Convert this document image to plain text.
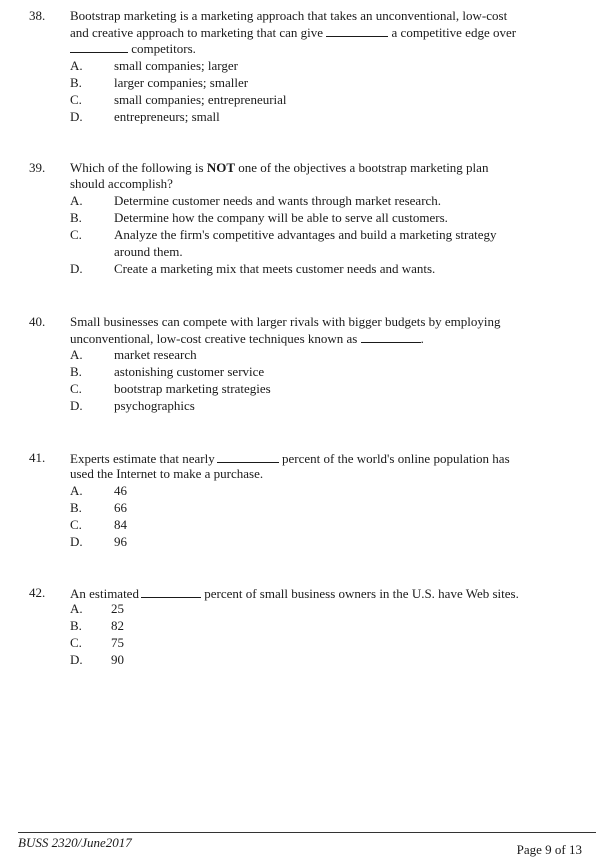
38. Bootstrap marketing is a marketing approach that takes an unconventional, low-cost
and creative approach to marketing that can give	a competitive edge over
competitors.
A. small companies; larger
B. larger companies; smaller
C. small companies; entrepreneurial
D. entrepreneurs; small
39. Which of the following is NOT one of the objectives a bootstrap marketing plan
should accomplish?
A. Determine customer needs and wants through market research.
B. Determine how the company will be able to serve all customers.
C. Analyze the firm's competitive advantages and build a marketing strategy
around them.
D. Create a marketing mix that meets customer needs and wants.
40. Small businesses can compete with larger rivals with bigger budgets by employing
unconventional, low-cost creative techniques known as	.
A. market research
B. astonishing customer service
C. bootstrap marketing strategies
D. psychographics
41. Experts estimate that nearly	percent of the world's online population has
used the Internet to make a purchase.
A. 46
B. 66
C. 84
D. 96
42. An estimated	percent of small business owners in the U.S. have Web sites.
A. 25
B. 82
C. 75
D. 90
BUSS 2320/June2017	Page 9 of 13
